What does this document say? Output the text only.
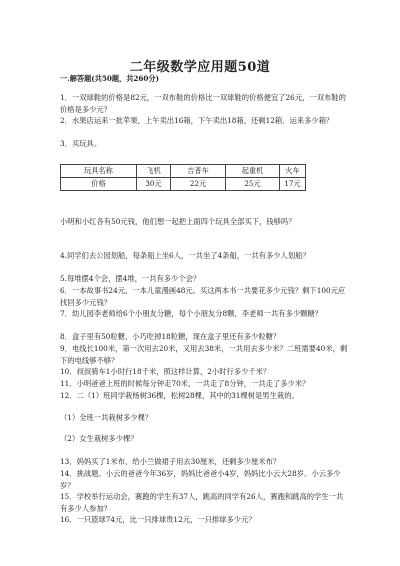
二年级数学应用题50道
一.解答题(共50题，共260分)
1．一双球鞋的价格是82元，一双布鞋的价格比一双球鞋的价格便宜了26元，一双布鞋的价格是多少元？
2．水果店运来一批苹果，上午卖出16箱，下午卖出18箱，还剩12箱．运来多少箱？
3．买玩具。
玩具名称	飞机	吉普车	起重机	火车
价格	30元	22元	25元	17元
小明和小红各有50元钱，他们想一起把上面四个玩具全部买下，钱够吗？
4.同学们去公园划船，每条船上坐6人，一共坐了4条船，一共有多少人划船？
5.每堆摆4个会，摆4堆，一共有多少个会？
6．一本故事书24元，一本儿童漫画48元。买这两本书一共要花多少元钱？剩下100元应找回多少元钱？
7．幼儿园李老师给6个小朋友分糖，每个小朋友分8颗，李老师一共有多少颗糖？
8．盒子里有50粒糖，小巧吃掉18粒糖，现在盒子里还有多少粒糖？
9．电线长100米，第一次用去20米，又用去38米，一共用去多少米？二班需要40米，剩下的电线够不够？
10．叔叔骑车1小时行18千米，照这样计算，2小时行多少千米？
11．小明爸爸上班的时候每分钟走70米，一共走了8分钟，一共走了多少米？
12．二（1）班同学栽杨树36棵，松树28棵，其中的31棵树是男生栽的。
（1）全班一共栽树多少棵？
（2）女生栽树多少棵？
13．妈妈买了1米布，给小兰做裙子用去30厘米，还剩多少厘米布？
14．挑战题。小云的爸爸今年36岁，妈妈比爸爸小4岁，妈妈比小云大28岁。小云多少岁？
15．学校举行运动会，赛跑的学生有37人，跳高的同学有26人，赛跑和跳高的学生一共有多少人参加？
16．一只篮球74元，比一只排球贵12元，一只排球多少元？
